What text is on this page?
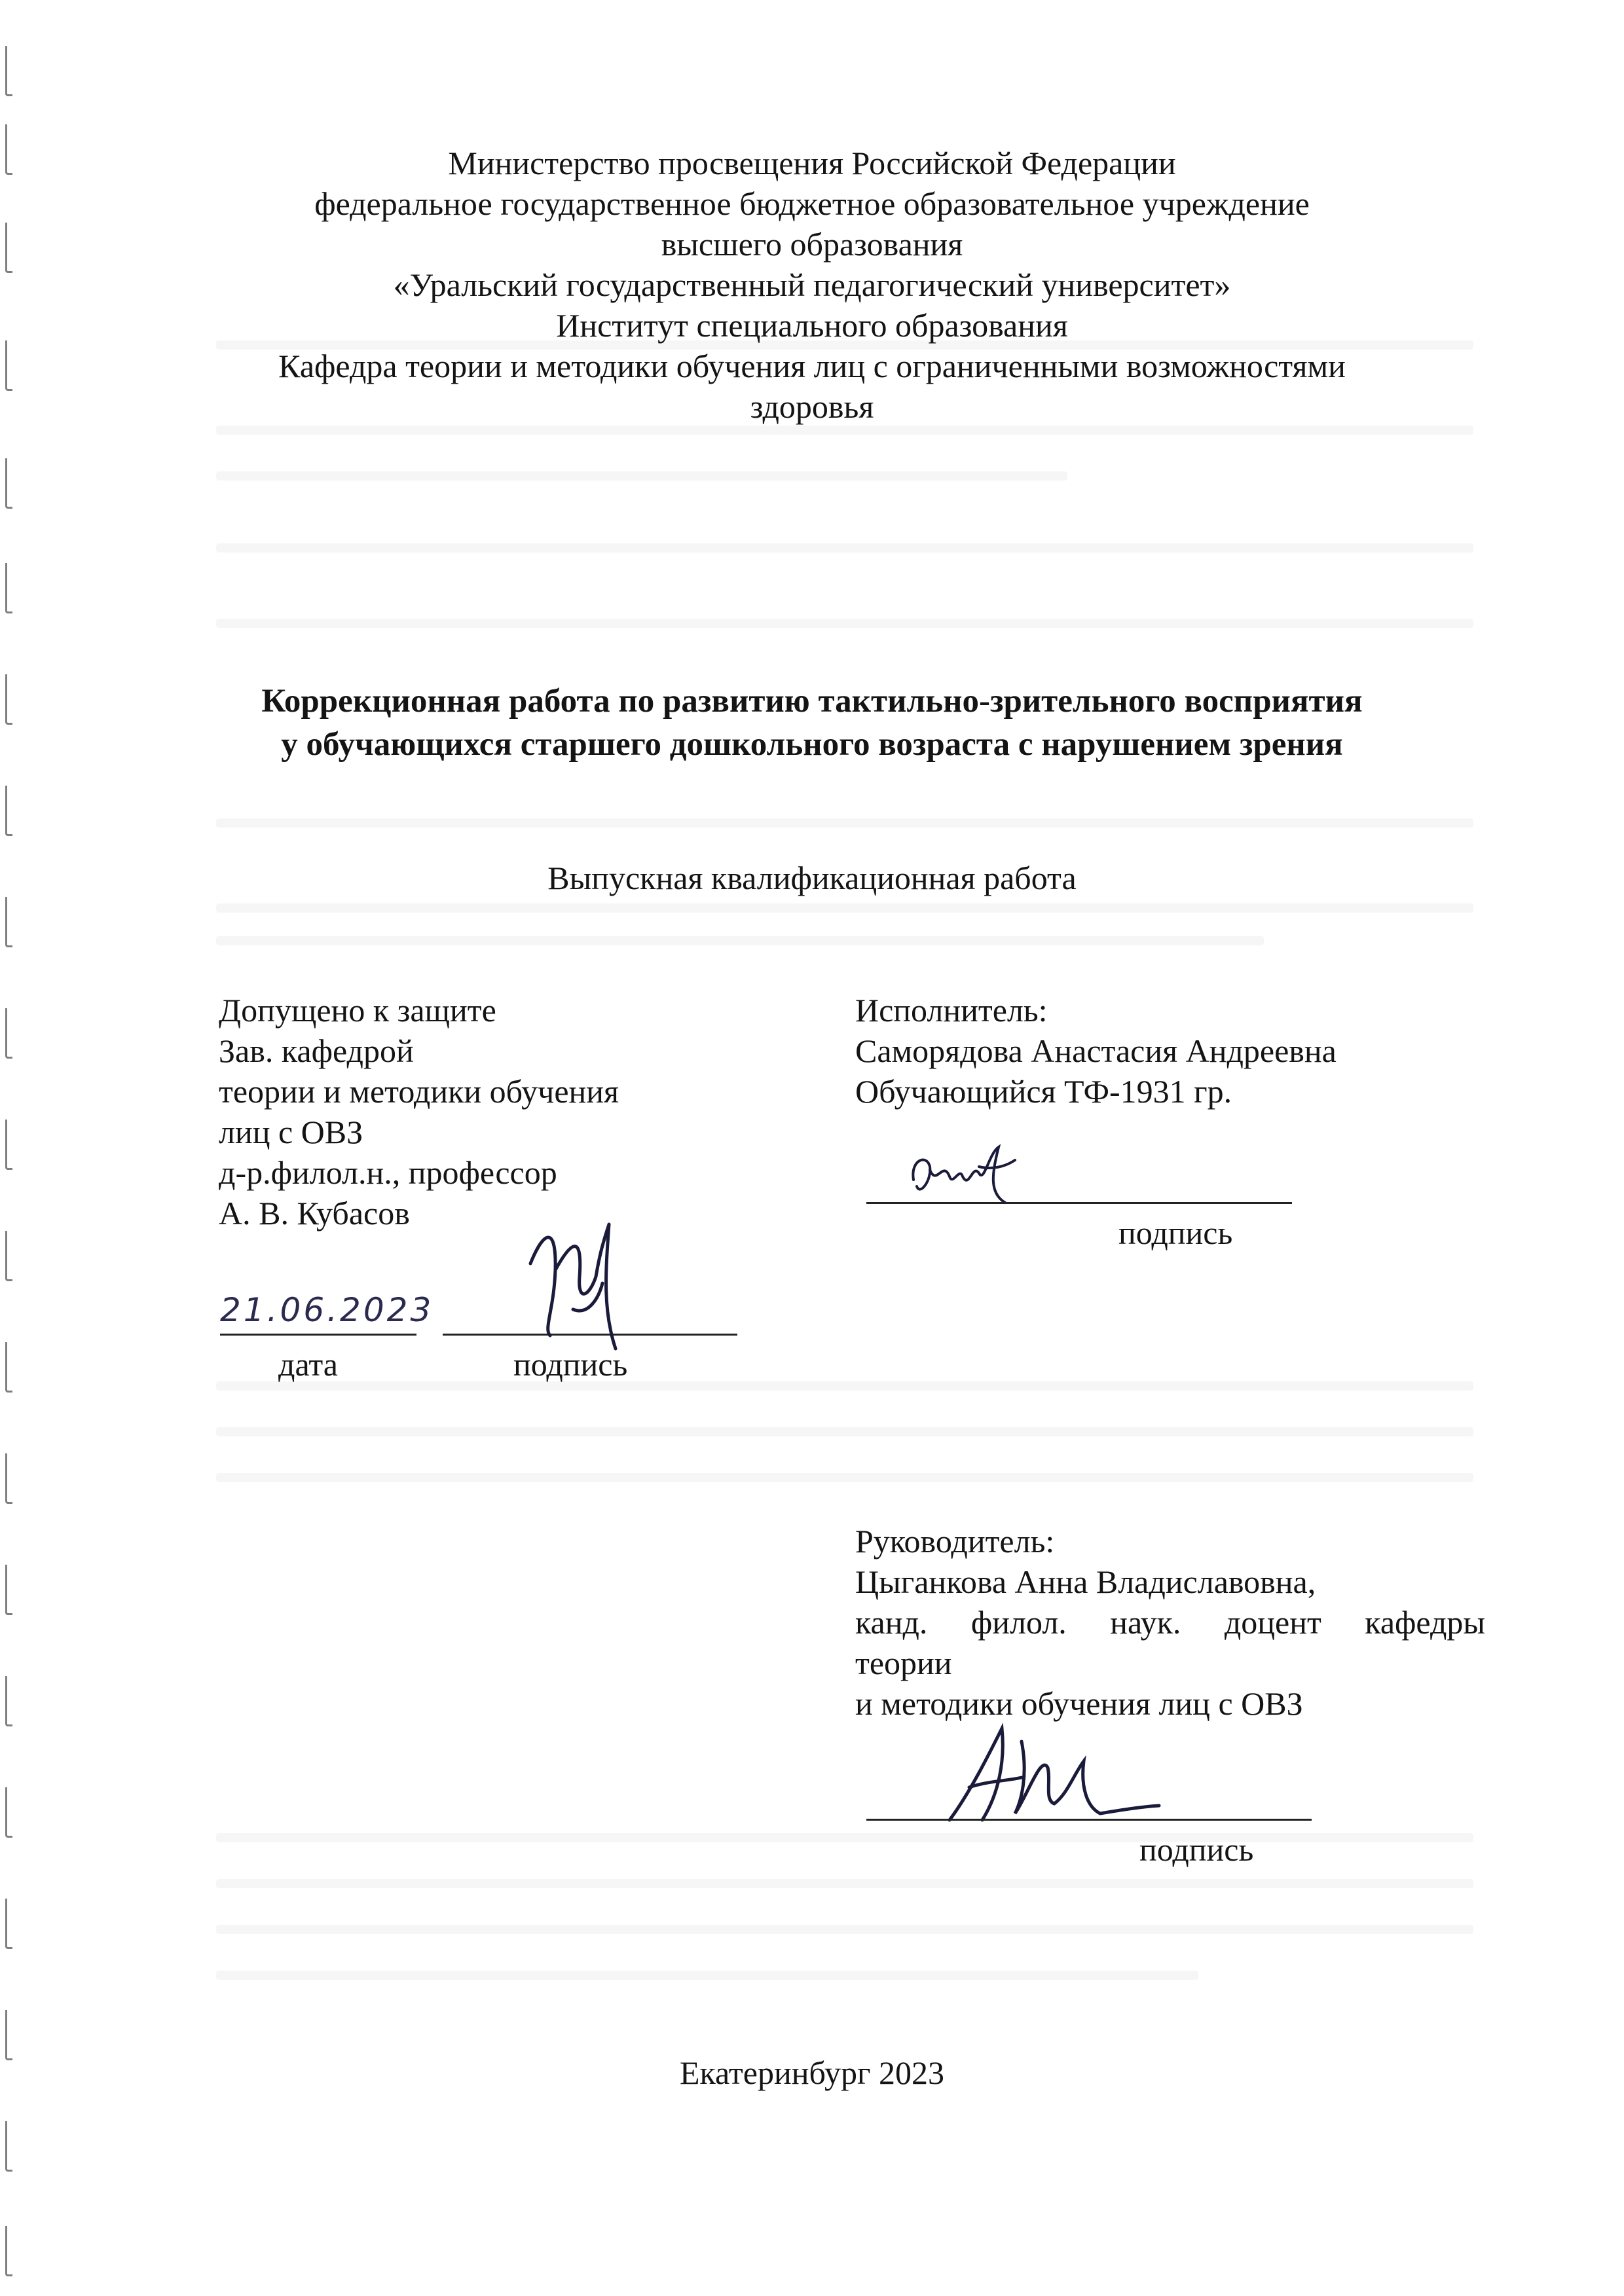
Министерство просвещения Российской Федерации
федеральное государственное бюджетное образовательное учреждение
высшего образования
«Уральский государственный педагогический университет»
Институт специального образования
Кафедра теории и методики обучения лиц с ограниченными возможностями
здоровья
Коррекционная работа по развитию тактильно-зрительного восприятия
у обучающихся старшего дошкольного возраста с нарушением зрения
Выпускная квалификационная работа
Допущено к защите
Зав. кафедрой
теории и методики обучения
лиц с ОВЗ
д-р.филол.н., профессор
А. В. Кубасов
21.06.2023
дата	подпись
Исполнитель:
Саморядова Анастасия Андреевна
Обучающийся ТФ-1931 гр.
подпись
Руководитель:
Цыганкова Анна Владиславовна,
канд. филол. наук. доцент кафедры
теории
и методики обучения лиц с ОВЗ
подпись
Екатеринбург 2023
